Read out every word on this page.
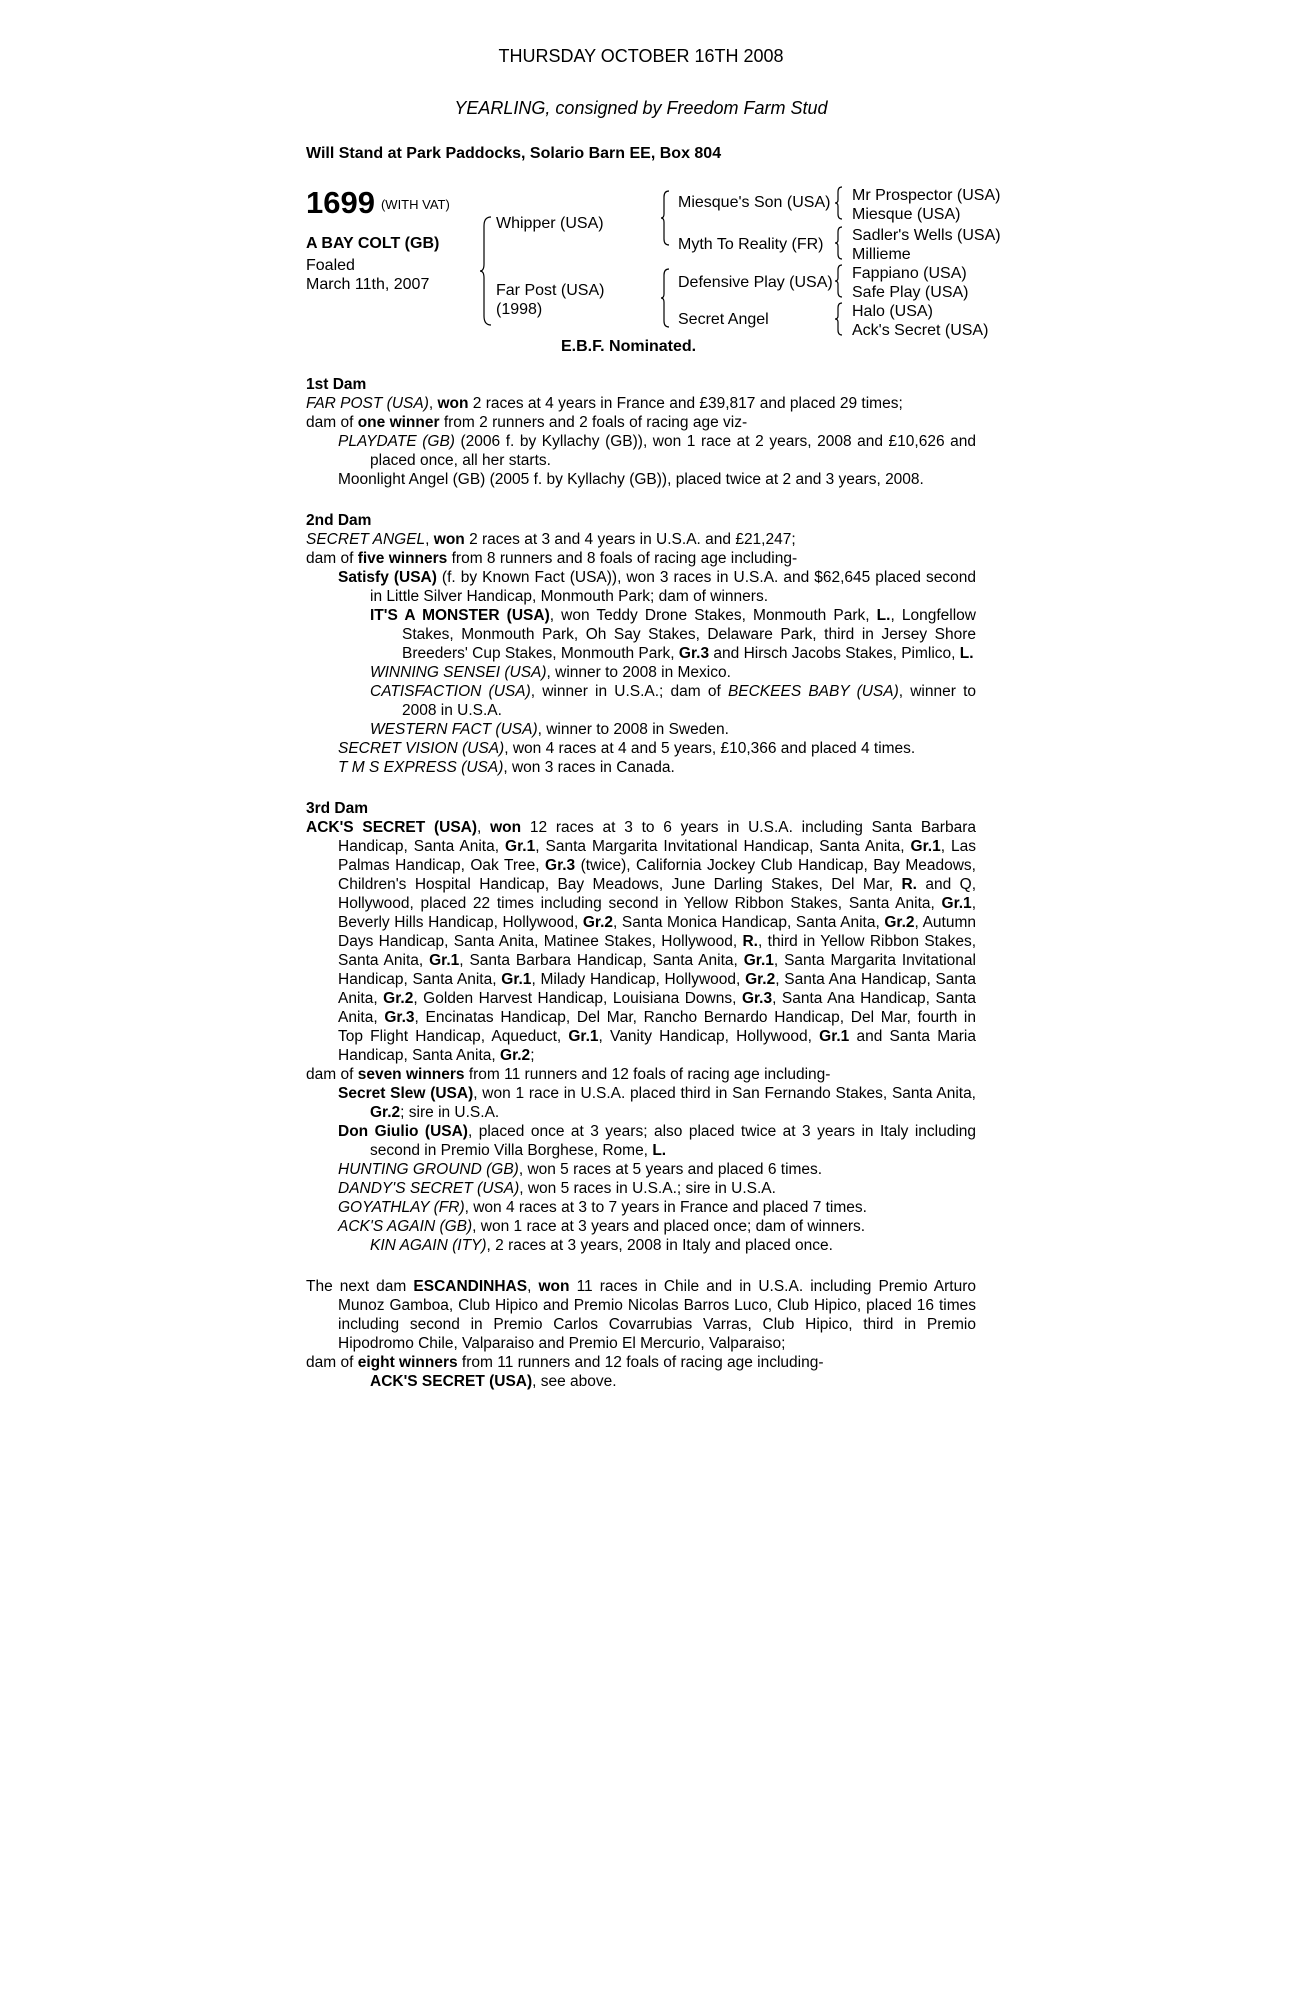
THURSDAY OCTOBER 16TH 2008
YEARLING, consigned by Freedom Farm Stud
Will Stand at Park Paddocks, Solario Barn EE, Box 804
1699 (WITH VAT)
A BAY COLT (GB)
Foaled
March 11th, 2007
Whipper (USA)
Far Post (USA)
(1998)
Miesque's Son (USA)
Myth To Reality (FR)
Defensive Play (USA)
Secret Angel
Mr Prospector (USA)
Miesque (USA)
Sadler's Wells (USA)
Millieme
Fappiano (USA)
Safe Play (USA)
Halo (USA)
Ack's Secret (USA)
E.B.F. Nominated.

1st Dam

FAR POST (USA), won 2 races at 4 years in France and £39,817 and placed 29 times;

dam of one winner from 2 runners and 2 foals of racing age viz-

PLAYDATE (GB) (2006 f. by Kyllachy (GB)), won 1 race at 2 years, 2008 and £10,626 and placed once, all her starts.

Moonlight Angel (GB) (2005 f. by Kyllachy (GB)), placed twice at 2 and 3 years, 2008.

2nd Dam

SECRET ANGEL, won 2 races at 3 and 4 years in U.S.A. and £21,247;

dam of five winners from 8 runners and 8 foals of racing age including-

Satisfy (USA) (f. by Known Fact (USA)), won 3 races in U.S.A. and $62,645 placed second in Little Silver Handicap, Monmouth Park; dam of winners.

IT'S A MONSTER (USA), won Teddy Drone Stakes, Monmouth Park, L., Longfellow Stakes, Monmouth Park, Oh Say Stakes, Delaware Park, third in Jersey Shore Breeders' Cup Stakes, Monmouth Park, Gr.3 and Hirsch Jacobs Stakes, Pimlico, L.

WINNING SENSEI (USA), winner to 2008 in Mexico.

CATISFACTION (USA), winner in U.S.A.; dam of BECKEES BABY (USA), winner to 2008 in U.S.A.

WESTERN FACT (USA), winner to 2008 in Sweden.

SECRET VISION (USA), won 4 races at 4 and 5 years, £10,366 and placed 4 times.

T M S EXPRESS (USA), won 3 races in Canada.

3rd Dam

ACK'S SECRET (USA), won 12 races at 3 to 6 years in U.S.A. including Santa Barbara Handicap, Santa Anita, Gr.1, Santa Margarita Invitational Handicap, Santa Anita, Gr.1, Las Palmas Handicap, Oak Tree, Gr.3 (twice), California Jockey Club Handicap, Bay Meadows, Children's Hospital Handicap, Bay Meadows, June Darling Stakes, Del Mar, R. and Q, Hollywood, placed 22 times including second in Yellow Ribbon Stakes, Santa Anita, Gr.1, Beverly Hills Handicap, Hollywood, Gr.2, Santa Monica Handicap, Santa Anita, Gr.2, Autumn Days Handicap, Santa Anita, Matinee Stakes, Hollywood, R., third in Yellow Ribbon Stakes, Santa Anita, Gr.1, Santa Barbara Handicap, Santa Anita, Gr.1, Santa Margarita Invitational Handicap, Santa Anita, Gr.1, Milady Handicap, Hollywood, Gr.2, Santa Ana Handicap, Santa Anita, Gr.2, Golden Harvest Handicap, Louisiana Downs, Gr.3, Santa Ana Handicap, Santa Anita, Gr.3, Encinatas Handicap, Del Mar, Rancho Bernardo Handicap, Del Mar, fourth in Top Flight Handicap, Aqueduct, Gr.1, Vanity Handicap, Hollywood, Gr.1 and Santa Maria Handicap, Santa Anita, Gr.2;

dam of seven winners from 11 runners and 12 foals of racing age including-

Secret Slew (USA), won 1 race in U.S.A. placed third in San Fernando Stakes, Santa Anita, Gr.2; sire in U.S.A.

Don Giulio (USA), placed once at 3 years; also placed twice at 3 years in Italy including second in Premio Villa Borghese, Rome, L.

HUNTING GROUND (GB), won 5 races at 5 years and placed 6 times.

DANDY'S SECRET (USA), won 5 races in U.S.A.; sire in U.S.A.

GOYATHLAY (FR), won 4 races at 3 to 7 years in France and placed 7 times.

ACK'S AGAIN (GB), won 1 race at 3 years and placed once; dam of winners.

KIN AGAIN (ITY), 2 races at 3 years, 2008 in Italy and placed once.

The next dam ESCANDINHAS, won 11 races in Chile and in U.S.A. including Premio Arturo Munoz Gamboa, Club Hipico and Premio Nicolas Barros Luco, Club Hipico, placed 16 times including second in Premio Carlos Covarrubias Varras, Club Hipico, third in Premio Hipodromo Chile, Valparaiso and Premio El Mercurio, Valparaiso;

dam of eight winners from 11 runners and 12 foals of racing age including-

ACK'S SECRET (USA), see above.
